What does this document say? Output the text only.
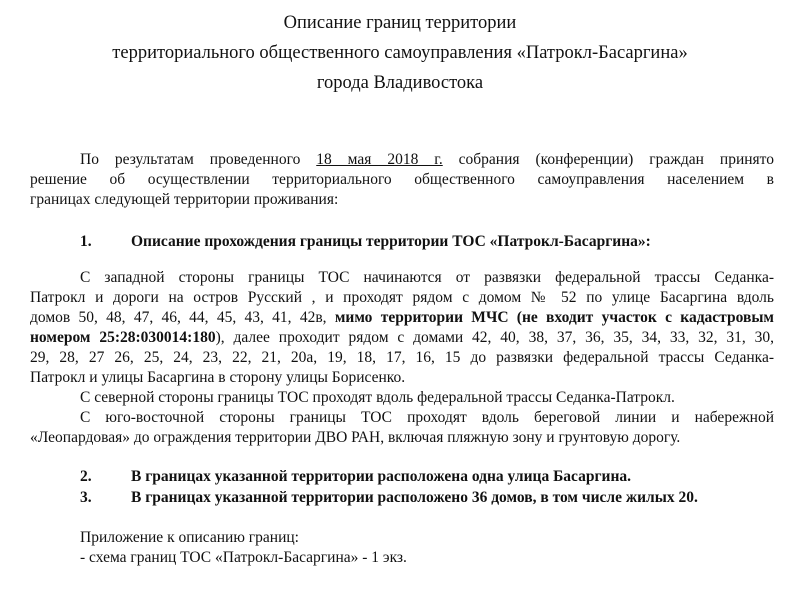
Описание границ территории
территориального общественного самоуправления «Патрокл-Басаргина»
города Владивостока
По результатам проведенного 18 мая 2018 г. собрания (конференции) граждан принято
решение об осуществлении территориального общественного самоуправления населением в
границах следующей территории проживания:
1.	Описание прохождения границы территории ТОС «Патрокл-Басаргина»:
С западной стороны границы ТОС начинаются от развязки федеральной трассы Седанка-
Патрокл и дороги на остров Русский , и проходят рядом с домом № 52 по улице Басаргина вдоль
домов 50, 48, 47, 46, 44, 45, 43, 41, 42в, мимо территории МЧС (не входит участок с кадастровым
номером 25:28:030014:180), далее проходит рядом с домами 42, 40, 38, 37, 36, 35, 34, 33, 32, 31, 30,
29, 28, 27 26, 25, 24, 23, 22, 21, 20а, 19, 18, 17, 16, 15 до развязки федеральной трассы Седанка-
Патрокл и улицы Басаргина в сторону улицы Борисенко.
С северной стороны границы ТОС проходят вдоль федеральной трассы Седанка-Патрокл.
С юго-восточной стороны границы ТОС проходят вдоль береговой линии и набережной
«Леопардовая» до ограждения территории ДВО РАН, включая пляжную зону и грунтовую дорогу.
2.	В границах указанной территории расположена одна улица Басаргина.
3.	В границах указанной территории расположено 36 домов, в том числе жилых 20.
Приложение к описанию границ:
- схема границ ТОС «Патрокл-Басаргина» - 1 экз.
